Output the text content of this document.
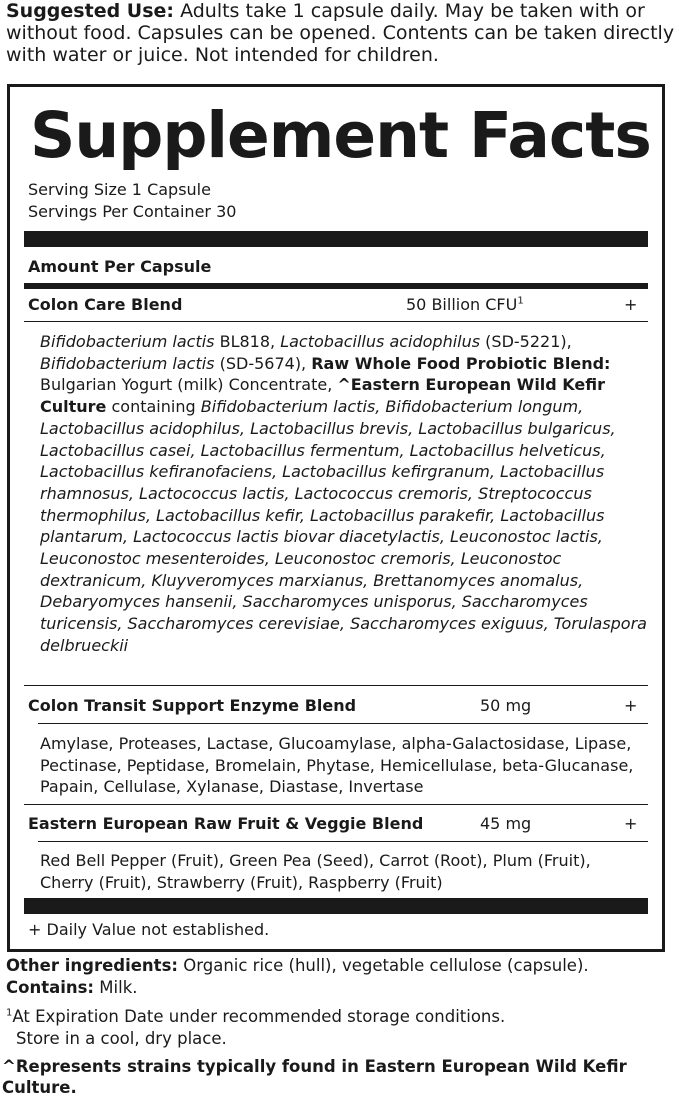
Suggested Use: Adults take 1 capsule daily. May be taken with or without food. Capsules can be opened. Contents can be taken directly with water or juice. Not intended for children.
Supplement Facts
Serving Size 1 Capsule
Servings Per Container 30
Amount Per Capsule
Colon Care Blend	50 Billion $CFU^1$	+
Bifidobacterium lactis BL818, Lactobacillus acidophilus (SD-5221), Bifidobacterium lactis (SD-5674), Raw Whole Food Probiotic Blend: Bulgarian Yogurt (milk) Concentrate, ^Eastern European Wild Kefir Culture containing Bifidobacterium lactis, Bifidobacterium longum, Lactobacillus acidophilus, Lactobacillus brevis, Lactobacillus bulgaricus, Lactobacillus casei, Lactobacillus fermentum, Lactobacillus helveticus, Lactobacillus kefiranofaciens, Lactobacillus kefirgranum, Lactobacillus rhamnosus, Lactococcus lactis, Lactococcus cremoris, Streptococcus thermophilus, Lactobacillus kefir, Lactobacillus parakefir, Lactobacillus plantarum, Lactococcus lactis biovar diacetylactis, Leuconostoc lactis, Leuconostoc mesenteroides, Leuconostoc cremoris, Leuconostoc dextranicum, Kluyveromyces marxianus, Brettanomyces anomalus, Debaryomyces hansenii, Saccharomyces unisporus, Saccharomyces turicensis, Saccharomyces cerevisiae, Saccharomyces exiguus, Torulaspora delbrueckii
Colon Transit Support Enzyme Blend	50 mg	+
Amylase, Proteases, Lactase, Glucoamylase, alpha-Galactosidase, Lipase, Pectinase, Peptidase, Bromelain, Phytase, Hemicellulase, beta-Glucanase, Papain, Cellulase, Xylanase, Diastase, Invertase
Eastern European Raw Fruit & Veggie Blend	45 mg	+
Red Bell Pepper (Fruit), Green Pea (Seed), Carrot (Root), Plum (Fruit), Cherry (Fruit), Strawberry (Fruit), Raspberry (Fruit)
+ Daily Value not established.
Other ingredients: Organic rice (hull), vegetable cellulose (capsule).
Contains: Milk.
$^1$At Expiration Date under recommended storage conditions.
Store in a cool, dry place.
^Represents strains typically found in Eastern European Wild Kefir Culture.
